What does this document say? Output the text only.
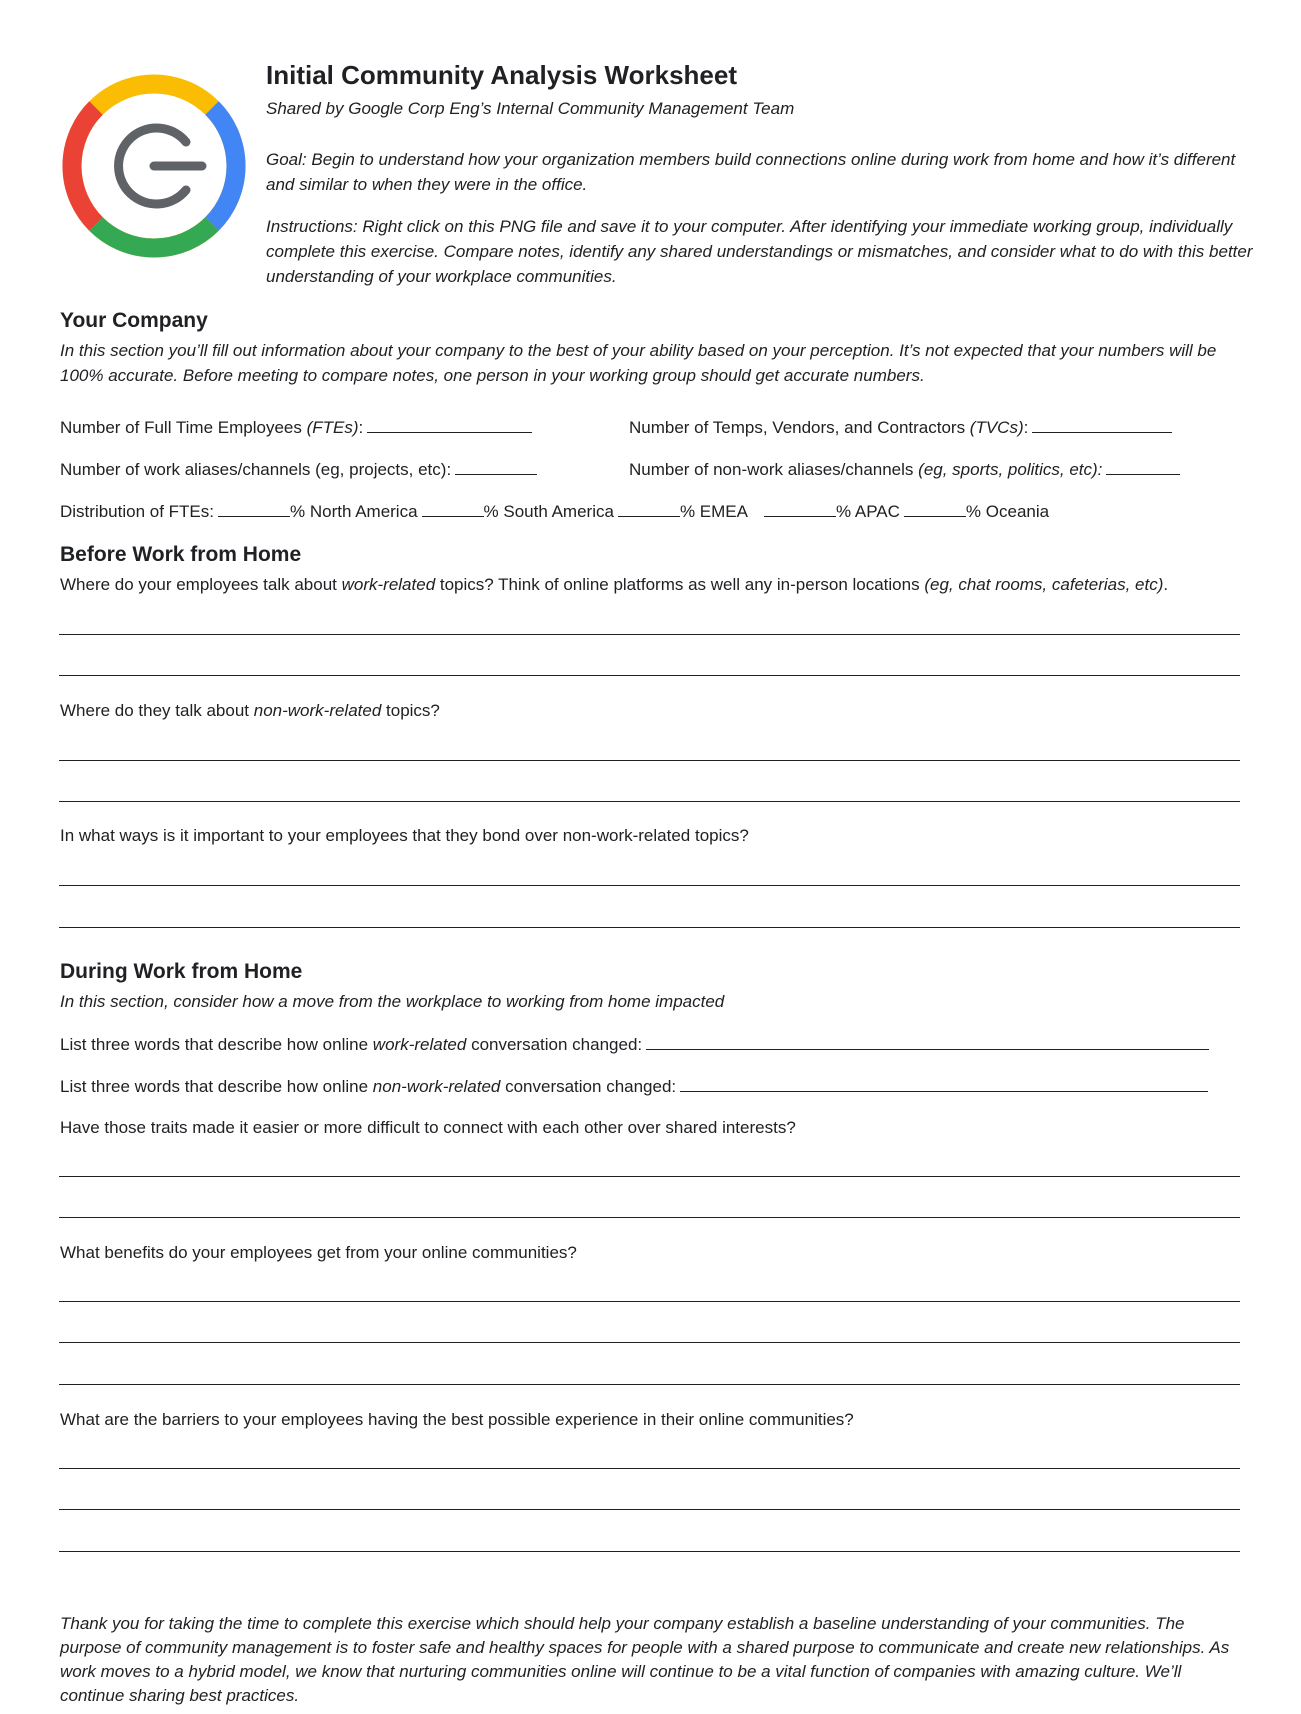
Initial Community Analysis Worksheet
Shared by Google Corp Eng’s Internal Community Management Team
Goal: Begin to understand how your organization members build connections online during work from home and how it’s different and similar to when they were in the office.
Instructions: Right click on this PNG file and save it to your computer. After identifying your immediate working group, individually complete this exercise. Compare notes, identify any shared understandings or mismatches, and consider what to do with this better understanding of your workplace communities.
Your Company
In this section you’ll fill out information about your company to the best of your ability based on your perception. It’s not expected that your numbers will be 100% accurate. Before meeting to compare notes, one person in your working group should get accurate numbers.
Number of Full Time Employees (FTEs):	Number of Temps, Vendors, and Contractors (TVCs):
Number of work aliases/channels (eg, projects, etc):	Number of non-work aliases/channels (eg, sports, politics, etc):
Distribution of FTEs:	% North America	% South America	% EMEA	% APAC	% Oceania
Before Work from Home
Where do your employees talk about work-related topics? Think of online platforms as well any in-person locations (eg, chat rooms, cafeterias, etc).
Where do they talk about non-work-related topics?
In what ways is it important to your employees that they bond over non-work-related topics?
During Work from Home
In this section, consider how a move from the workplace to working from home impacted
List three words that describe how online work-related conversation changed:
List three words that describe how online non-work-related conversation changed:
Have those traits made it easier or more difficult to connect with each other over shared interests?
What benefits do your employees get from your online communities?
What are the barriers to your employees having the best possible experience in their online communities?
Thank you for taking the time to complete this exercise which should help your company establish a baseline understanding of your communities. The purpose of community management is to foster safe and healthy spaces for people with a shared purpose to communicate and create new relationships. As work moves to a hybrid model, we know that nurturing communities online will continue to be a vital function of companies with amazing culture. We’ll continue sharing best practices.
